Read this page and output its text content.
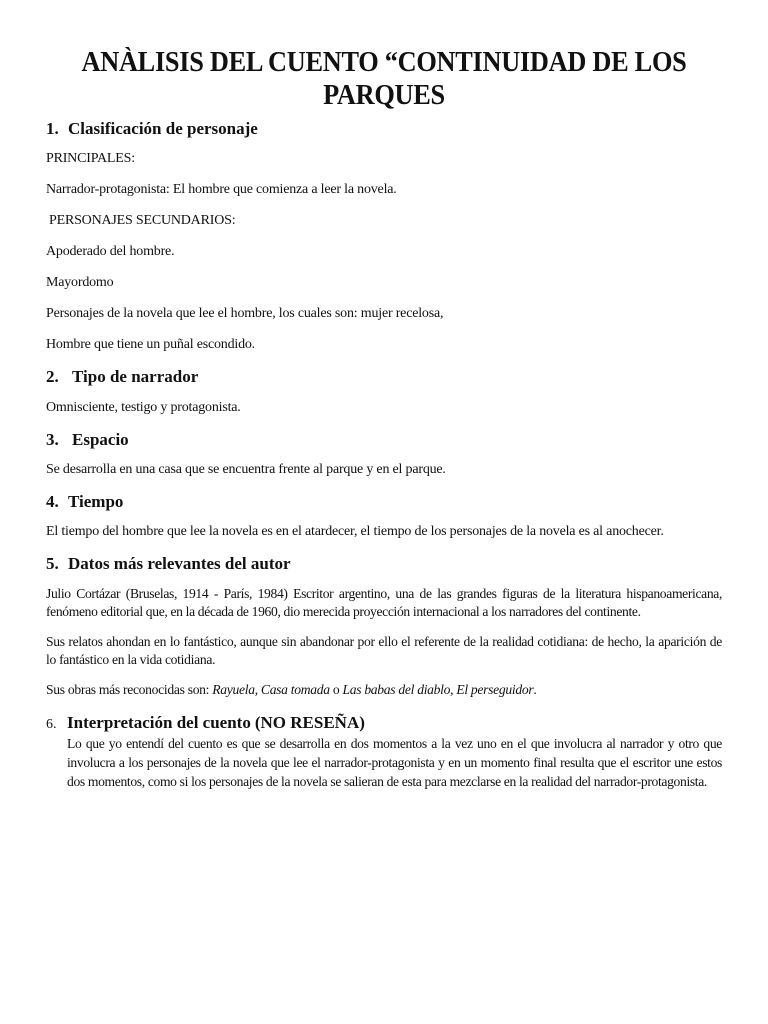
ANÀLISIS DEL CUENTO “CONTINUIDAD DE LOS PARQUES
1. Clasificación de personaje

PRINCIPALES:

Narrador-protagonista: El hombre que comienza a leer la novela.

PERSONAJES SECUNDARIOS:

Apoderado del hombre.

Mayordomo

Personajes de la novela que lee el hombre, los cuales son: mujer recelosa,

Hombre que tiene un puñal escondido.

2. Tipo de narrador

Omnisciente, testigo y protagonista.

3. Espacio

Se desarrolla en una casa que se encuentra frente al parque y en el parque.

4. Tiempo

El tiempo del hombre que lee la novela es en el atardecer, el tiempo de los personajes de la novela es al anochecer.

5. Datos más relevantes del autor

Julio Cortázar (Bruselas, 1914 - París, 1984) Escritor argentino, una de las grandes figuras de la literatura hispanoamericana, fenómeno editorial que, en la década de 1960, dio merecida proyección internacional a los narradores del continente.

Sus relatos ahondan en lo fantástico, aunque sin abandonar por ello el referente de la realidad cotidiana: de hecho, la aparición de lo fantástico en la vida cotidiana.

Sus obras más reconocidas son: Rayuela, Casa tomada o Las babas del diablo, El perseguidor.

6. Interpretación del cuento (NO RESEÑA)

Lo que yo entendí del cuento es que se desarrolla en dos momentos a la vez uno en el que involucra al narrador y otro que involucra a los personajes de la novela que lee el narrador-protagonista y en un momento final resulta que el escritor une estos dos momentos, como si los personajes de la novela se salieran de esta para mezclarse en la realidad del narrador-protagonista.
